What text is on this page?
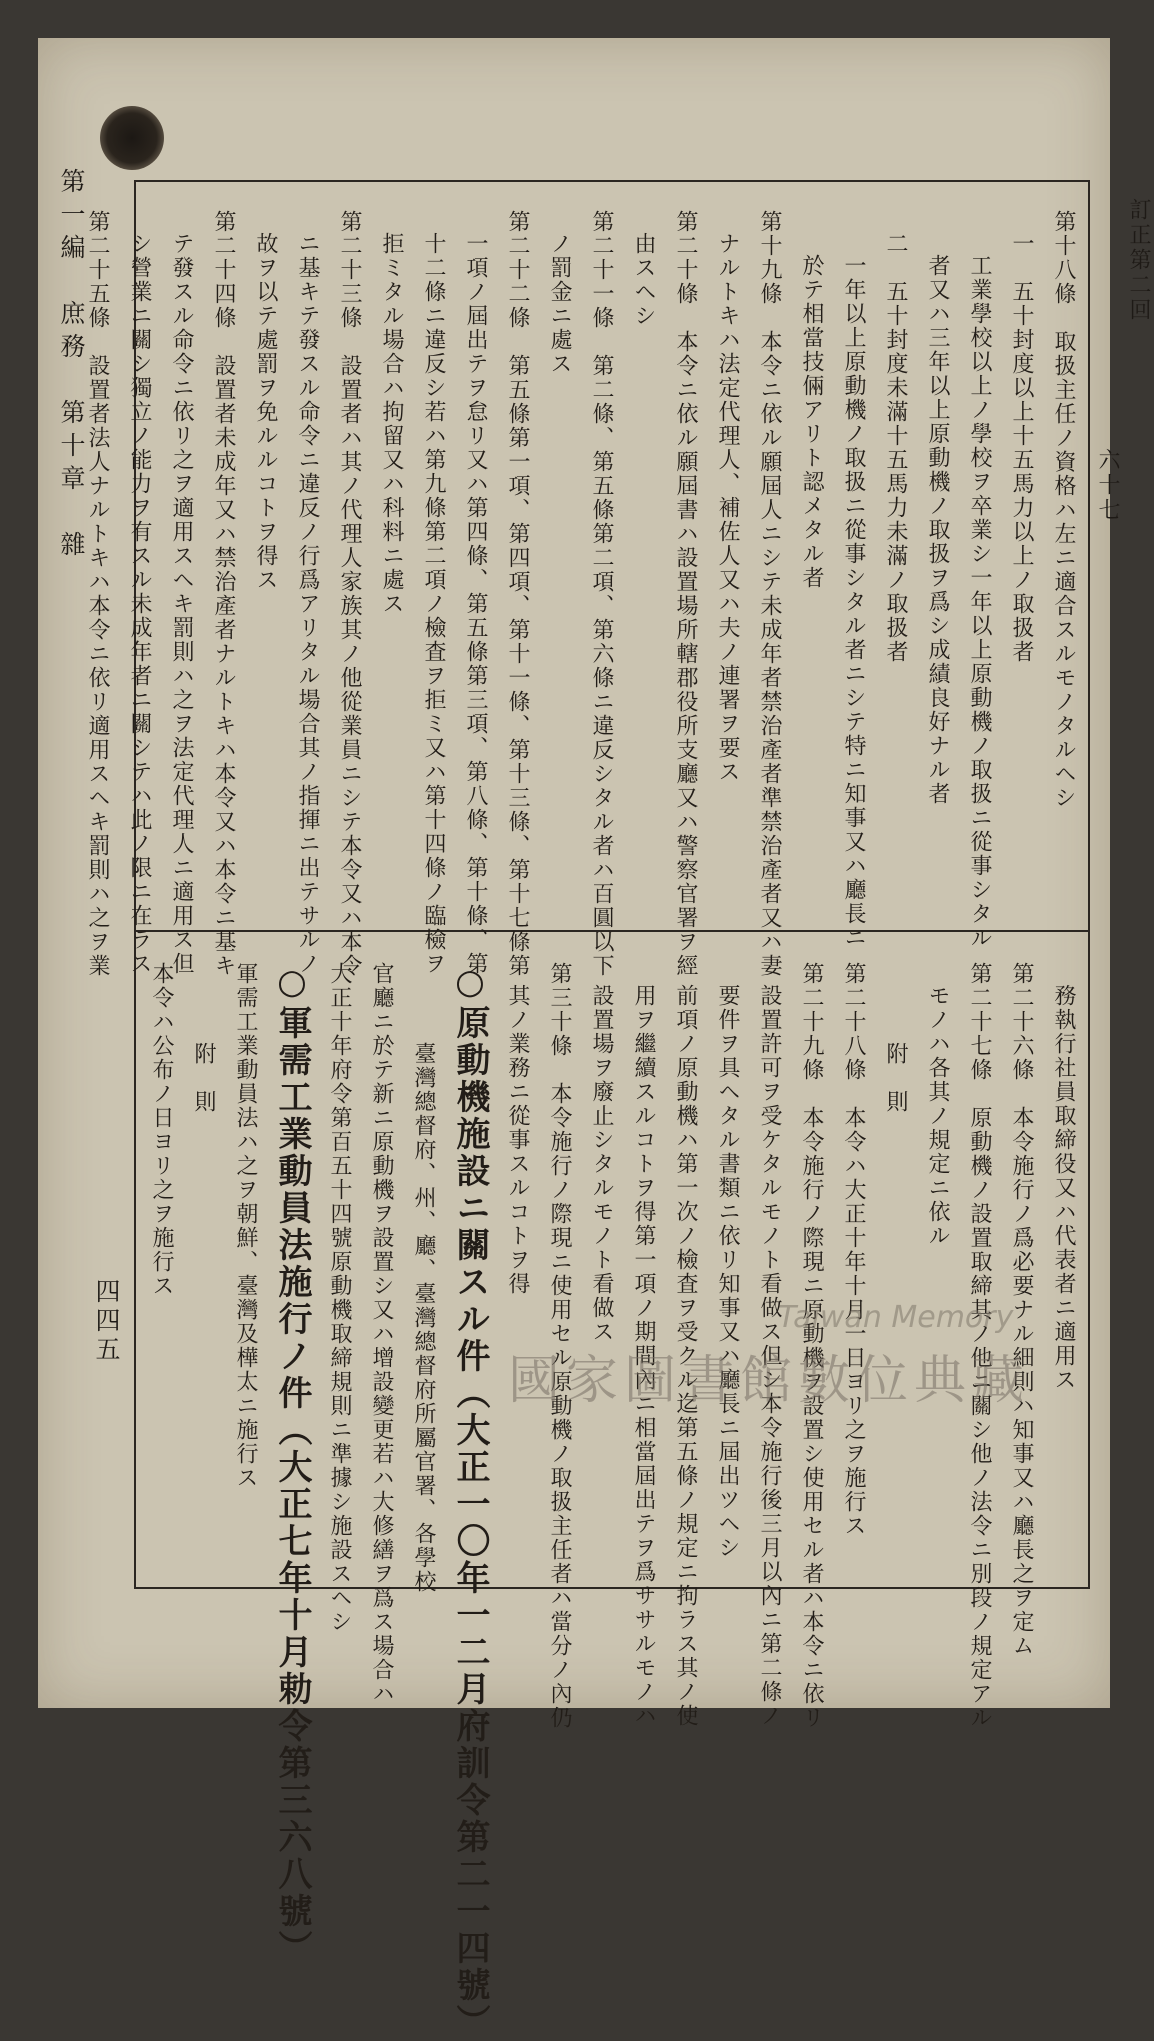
訂正第二回
六十七
第一編　庶務　第十章　雜
四四五

第十八條　取扱主任ノ資格ハ左ニ適合スルモノタルヘシ

一　五十封度以上十五馬力以上ノ取扱者

工業學校以上ノ學校ヲ卒業シ一年以上原動機ノ取扱ニ從事シタル

者又ハ三年以上原動機ノ取扱ヲ爲シ成績良好ナル者

二　五十封度未滿十五馬力未滿ノ取扱者

一年以上原動機ノ取扱ニ從事シタル者ニシテ特ニ知事又ハ廳長ニ

於テ相當技倆アリト認メタル者

第十九條　本令ニ依ル願屆人ニシテ未成年者禁治產者準禁治產者又ハ妻

ナルトキハ法定代理人、補佐人又ハ夫ノ連署ヲ要ス

第二十條　本令ニ依ル願屆書ハ設置場所轄郡役所支廳又ハ警察官署ヲ經

由スヘシ

第二十一條　第二條、第五條第二項、第六條ニ違反シタル者ハ百圓以下

ノ罰金ニ處ス

第二十二條　第五條第一項、第四項、第十一條、第十三條、第十七條第

一項ノ屆出テヲ怠リ又ハ第四條、第五條第三項、第八條、第十條、第

十二條ニ違反シ若ハ第九條第二項ノ檢査ヲ拒ミ又ハ第十四條ノ臨檢ヲ

拒ミタル場合ハ拘留又ハ科料ニ處ス

第二十三條　設置者ハ其ノ代理人家族其ノ他從業員ニシテ本令又ハ本令

ニ基キテ發スル命令ニ違反ノ行爲アリタル場合其ノ指揮ニ出テサルノ

故ヲ以テ處罰ヲ免ルルコトヲ得ス

第二十四條　設置者未成年又ハ禁治產者ナルトキハ本令又ハ本令ニ基キ

テ發スル命令ニ依リ之ヲ適用スヘキ罰則ハ之ヲ法定代理人ニ適用ス但

シ營業ニ關シ獨立ノ能力ヲ有スル未成年者ニ關シテハ此ノ限ニ在ラス

第二十五條　設置者法人ナルトキハ本令ニ依リ適用スヘキ罰則ハ之ヲ業

務執行社員取締役又ハ代表者ニ適用ス

第二十六條　本令施行ノ爲必要ナル細則ハ知事又ハ廳長之ヲ定ム

第二十七條　原動機ノ設置取締其ノ他ニ關シ他ノ法令ニ別段ノ規定アル

モノハ各其ノ規定ニ依ル

附　則

第二十八條　本令ハ大正十年十月一日ヨリ之ヲ施行ス

第二十九條　本令施行ノ際現ニ原動機ヲ設置シ使用セル者ハ本令ニ依リ

設置許可ヲ受ケタルモノト看做ス但シ本令施行後三月以內ニ第二條ノ

要件ヲ具ヘタル書類ニ依リ知事又ハ廳長ニ屆出ツヘシ

前項ノ原動機ハ第一次ノ檢査ヲ受クル迄第五條ノ規定ニ拘ラス其ノ使

用ヲ繼續スルコトヲ得第一項ノ期間內ニ相當屆出テヲ爲ササルモノハ

設置場ヲ廢止シタルモノト看做ス

第三十條　本令施行ノ際現ニ使用セル原動機ノ取扱主任者ハ當分ノ內仍

其ノ業務ニ從事スルコトヲ得

○原動機施設ニ關スル件（大正一〇年一二月府訓令第二一四號）

臺灣總督府、州、廳、臺灣總督府所屬官署、各學校

官廳ニ於テ新ニ原動機ヲ設置シ又ハ增設變更若ハ大修繕ヲ爲ス場合ハ

大正十年府令第百五十四號原動機取締規則ニ準據シ施設スヘシ

○軍需工業動員法施行ノ件（大正七年十月勅令第三六八號）

軍需工業動員法ハ之ヲ朝鮮、臺灣及樺太ニ施行ス

附　則

本令ハ公布ノ日ヨリ之ヲ施行ス

Taiwan Memory
國家圖書館數位典藏
